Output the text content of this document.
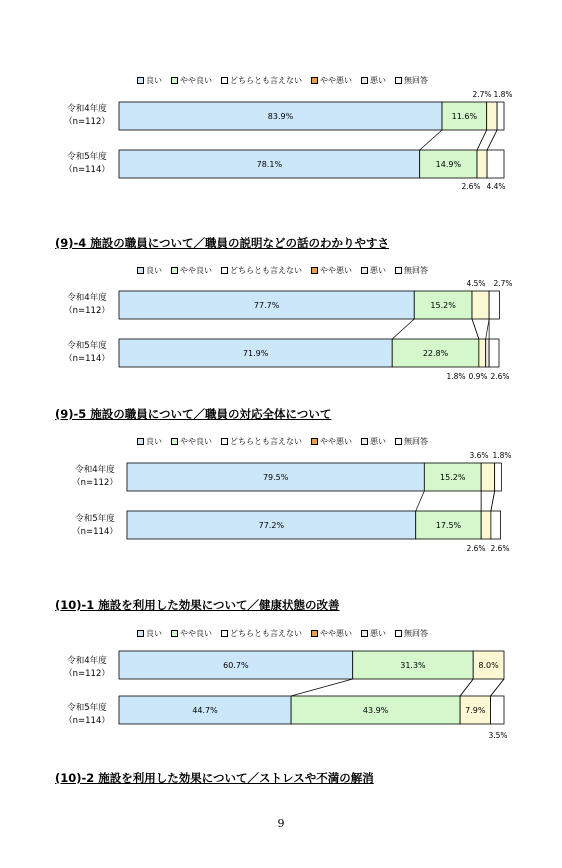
良い やや良い どちらとも言えない やや悪い 悪い 無回答
令和4年度
（n=112）
令和5年度
（n=114）
83.9%	11.6%
78.1%	14.9%
2.7% 1.8%
2.6% 4.4%
(9)-4 施設の職員について／職員の説明などの話のわかりやすさ
良い やや良い どちらとも言えない やや悪い 悪い 無回答
令和4年度
（n=112）
令和5年度
（n=114）
77.7%	15.2%
71.9%	22.8%
4.5% 2.7%
1.8% 0.9% 2.6%
(9)-5 施設の職員について／職員の対応全体について
良い やや良い どちらとも言えない やや悪い 悪い 無回答
令和4年度
（n=112）
令和5年度
（n=114）
79.5%	15.2%
77.2%	17.5%
3.6% 1.8%
2.6% 2.6%
(10)-1 施設を利用した効果について／健康状態の改善
良い やや良い どちらとも言えない やや悪い 悪い 無回答
令和4年度
（n=112）
令和5年度
（n=114）
60.7%	31.3%	8.0%
44.7%	43.9%	7.9%
3.5%
(10)-2 施設を利用した効果について／ストレスや不満の解消
9
